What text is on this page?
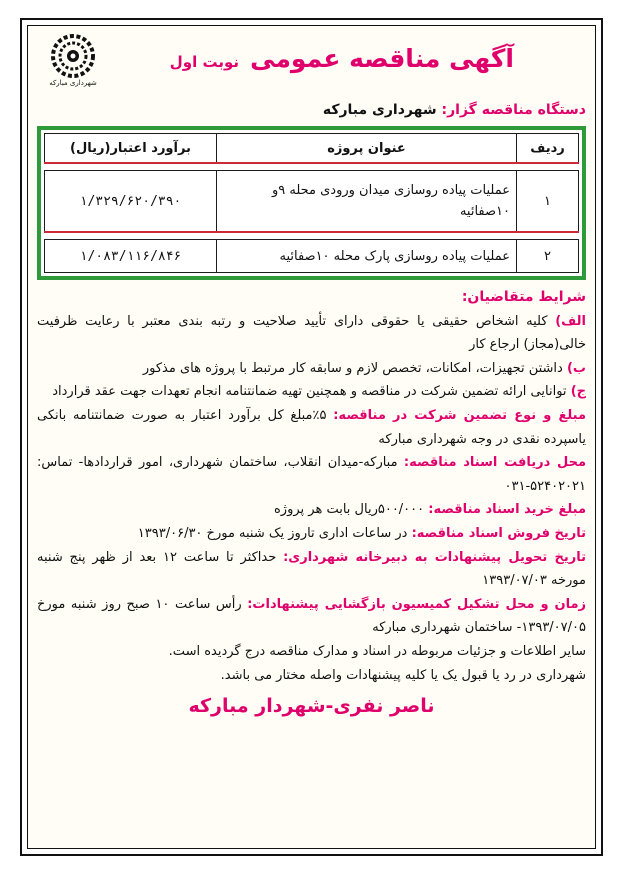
شهرداری مبارکه
آگهی مناقصه عمومی نوبت اول
دستگاه مناقصه گزار: شهرداری مبارکه
ردیف	عنوان پروژه	برآورد اعتبار(ریال)

۱	عملیات پیاده روسازی میدان ورودی محله ۹و ۱۰صفائیه	۱/۳۲۹/۶۲۰/۳۹۰

۲	عملیات پیاده روسازی پارک محله ۱۰صفائیه	۱/۰۸۳/۱۱۶/۸۴۶
شرایط متقاضیان:
الف) کلیه اشخاص حقیقی یا حقوقی دارای تأیید صلاحیت و رتبه بندی معتبر با رعایت ظرفیت خالی(مجاز) ارجاع کار
ب) داشتن تجهیزات، امکانات، تخصص لازم و سابقه کار مرتبط با پروژه های مذکور
ج) توانایی ارائه تضمین شرکت در مناقصه و همچنین تهیه ضمانتنامه انجام تعهدات جهت عقد قرارداد
مبلغ و نوع تضمین شرکت در مناقصه: ۵٪مبلغ کل برآورد اعتبار به صورت ضمانتنامه بانکی یاسپرده نقدی در وجه شهرداری مبارکه
محل دریافت اسناد مناقصه: مبارکه-میدان انقلاب، ساختمان شهرداری، امور قراردادها- تماس: ۵۲۴۰۲۰۲۱-۰۳۱
مبلغ خرید اسناد مناقصه: ۵۰۰/۰۰۰ریال بابت هر پروژه
تاریخ فروش اسناد مناقصه: در ساعات اداری تاروز یک شنبه مورخ ۱۳۹۳/۰۶/۳۰
تاریخ تحویل پیشنهادات به دبیرخانه شهرداری: حداکثر تا ساعت ۱۲ بعد از ظهر پنج شنبه مورخه ۱۳۹۳/۰۷/۰۳
زمان و محل تشکیل کمیسیون بازگشایی پیشنهادات: رأس ساعت ۱۰ صبح روز شنبه مورخ ۱۳۹۳/۰۷/۰۵- ساختمان شهرداری مبارکه
سایر اطلاعات و جزئیات مربوطه در اسناد و مدارک مناقصه درج گردیده است.
شهرداری در رد یا قبول یک یا کلیه پیشنهادات واصله مختار می باشد.
ناصر نفری-شهردار مبارکه
